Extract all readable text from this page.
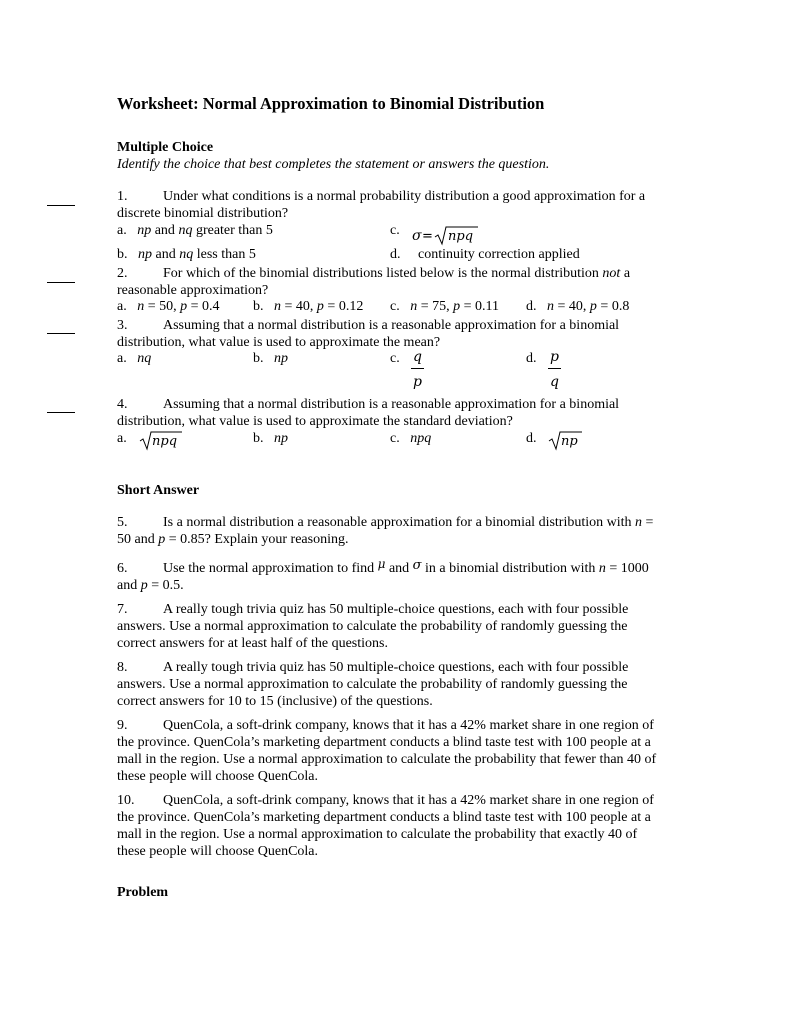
Worksheet: Normal Approximation to Binomial Distribution
Multiple Choice
Identify the choice that best completes the statement or answers the question.
1.	Under what conditions is a normal probability distribution a good approximation for a discrete binomial distribution?
a. np and nq greater than 5	c. σ = npq
b. np and nq less than 5	d. continuity correction applied
2.	For which of the binomial distributions listed below is the normal distribution not a reasonable approximation?
a. n = 50, p = 0.4 b. n = 40, p = 0.12 c. n = 75, p = 0.11 d. n = 40, p = 0.8
3.	Assuming that a normal distribution is a reasonable approximation for a binomial distribution, what value is used to approximate the mean?
a. nq	b. np	c. $\frac{q}{p}$	d. $\frac{p}{q}$
4.	Assuming that a normal distribution is a reasonable approximation for a binomial distribution, what value is used to approximate the standard deviation?
a. npq	b. np	c. npq	d. np
Short Answer
5.	Is a normal distribution a reasonable approximation for a binomial distribution with n = 50 and p = 0.85? Explain your reasoning.
6.	Use the normal approximation to find μ and σ in a binomial distribution with n = 1000 and p = 0.5.
7.	A really tough trivia quiz has 50 multiple-choice questions, each with four possible answers. Use a normal approximation to calculate the probability of randomly guessing the correct answers for at least half of the questions.
8.	A really tough trivia quiz has 50 multiple-choice questions, each with four possible answers. Use a normal approximation to calculate the probability of randomly guessing the correct answers for 10 to 15 (inclusive) of the questions.
9.	QuenCola, a soft-drink company, knows that it has a 42% market share in one region of the province. QuenCola’s marketing department conducts a blind taste test with 100 people at a mall in the region. Use a normal approximation to calculate the probability that fewer than 40 of these people will choose QuenCola.
10. QuenCola, a soft-drink company, knows that it has a 42% market share in one region of the province. QuenCola’s marketing department conducts a blind taste test with 100 people at a mall in the region. Use a normal approximation to calculate the probability that exactly 40 of these people will choose QuenCola.
Problem
